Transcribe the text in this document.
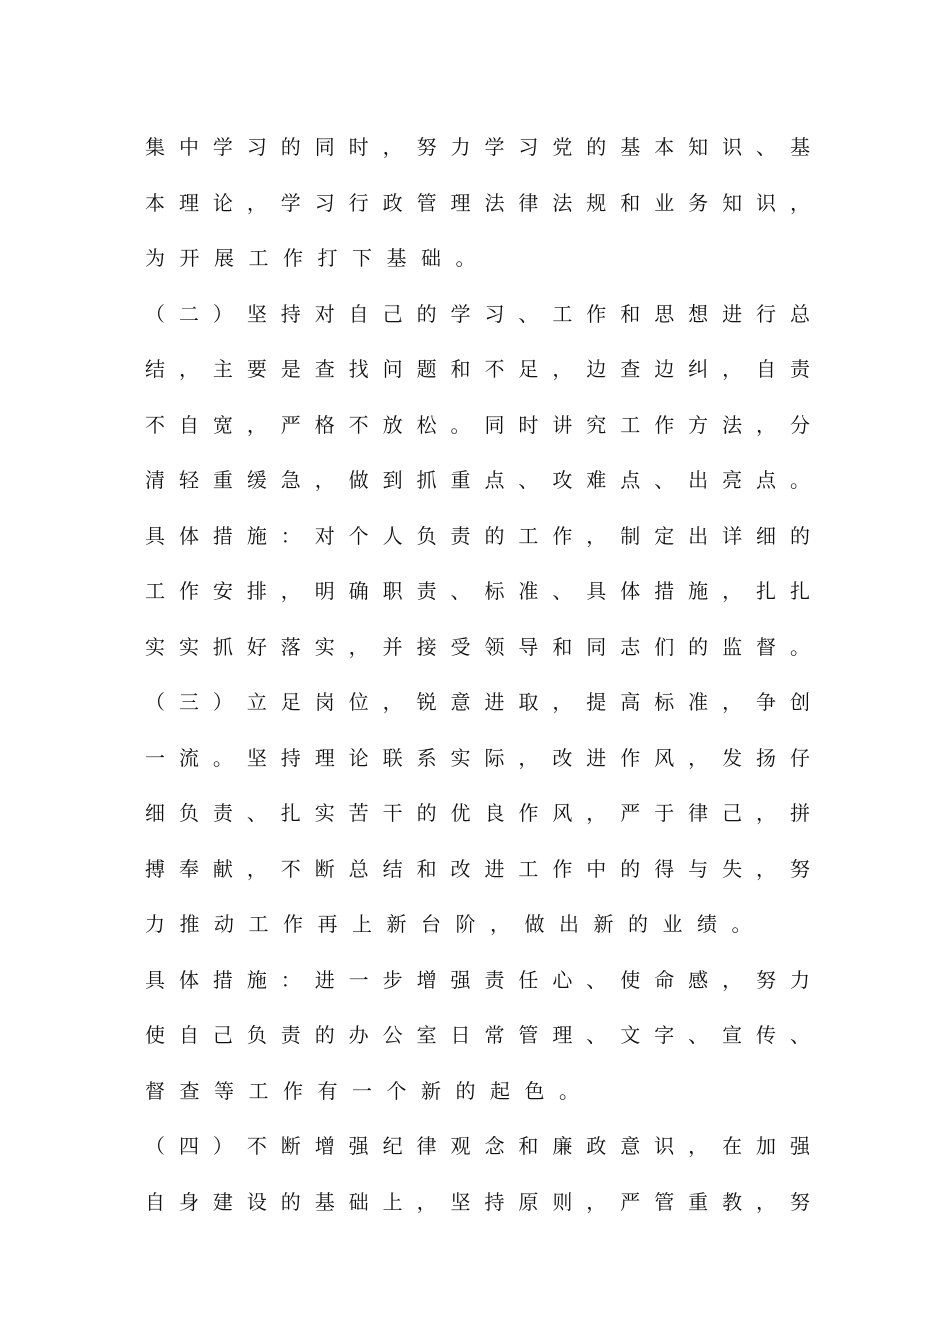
集 中 学 习 的 同 时 ， 努 力 学 习 党 的 基 本 知 识 、 基
本 理 论 ， 学 习 行 政 管 理 法 律 法 规 和 业 务 知 识 ，
为开展工作打下基础。
（ 二 ） 坚 持 对 自 己 的 学 习 、 工 作 和 思 想 进 行 总
结 ， 主 要 是 查 找 问 题 和 不 足 ， 边 查 边 纠 ， 自 责
不 自 宽 ， 严 格 不 放 松 。 同 时 讲 究 工 作 方 法 ， 分
清 轻 重 缓 急 ， 做 到 抓 重 点 、 攻 难 点 、 出 亮 点 。
具 体 措 施 ： 对 个 人 负 责 的 工 作 ， 制 定 出 详 细 的
工 作 安 排 ， 明 确 职 责 、 标 准 、 具 体 措 施 ， 扎 扎
实 实 抓 好 落 实 ， 并 接 受 领 导 和 同 志 们 的 监 督 。
（ 三 ） 立 足 岗 位 ， 锐 意 进 取 ， 提 高 标 准 ， 争 创
一 流 。 坚 持 理 论 联 系 实 际 ， 改 进 作 风 ， 发 扬 仔
细 负 责 、 扎 实 苦 干 的 优 良 作 风 ， 严 于 律 己 ， 拼
搏 奉 献 ， 不 断 总 结 和 改 进 工 作 中 的 得 与 失 ， 努
力推动工作再上新台阶，做出新的业绩。
具 体 措 施 ： 进 一 步 增 强 责 任 心 、 使 命 感 ， 努 力
使 自 己 负 责 的 办 公 室 日 常 管 理 、 文 字 、 宣 传 、
督查等工作有一个新的起色。
（ 四 ） 不 断 增 强 纪 律 观 念 和 廉 政 意 识 ， 在 加 强
自 身 建 设 的 基 础 上 ， 坚 持 原 则 ， 严 管 重 教 ， 努
